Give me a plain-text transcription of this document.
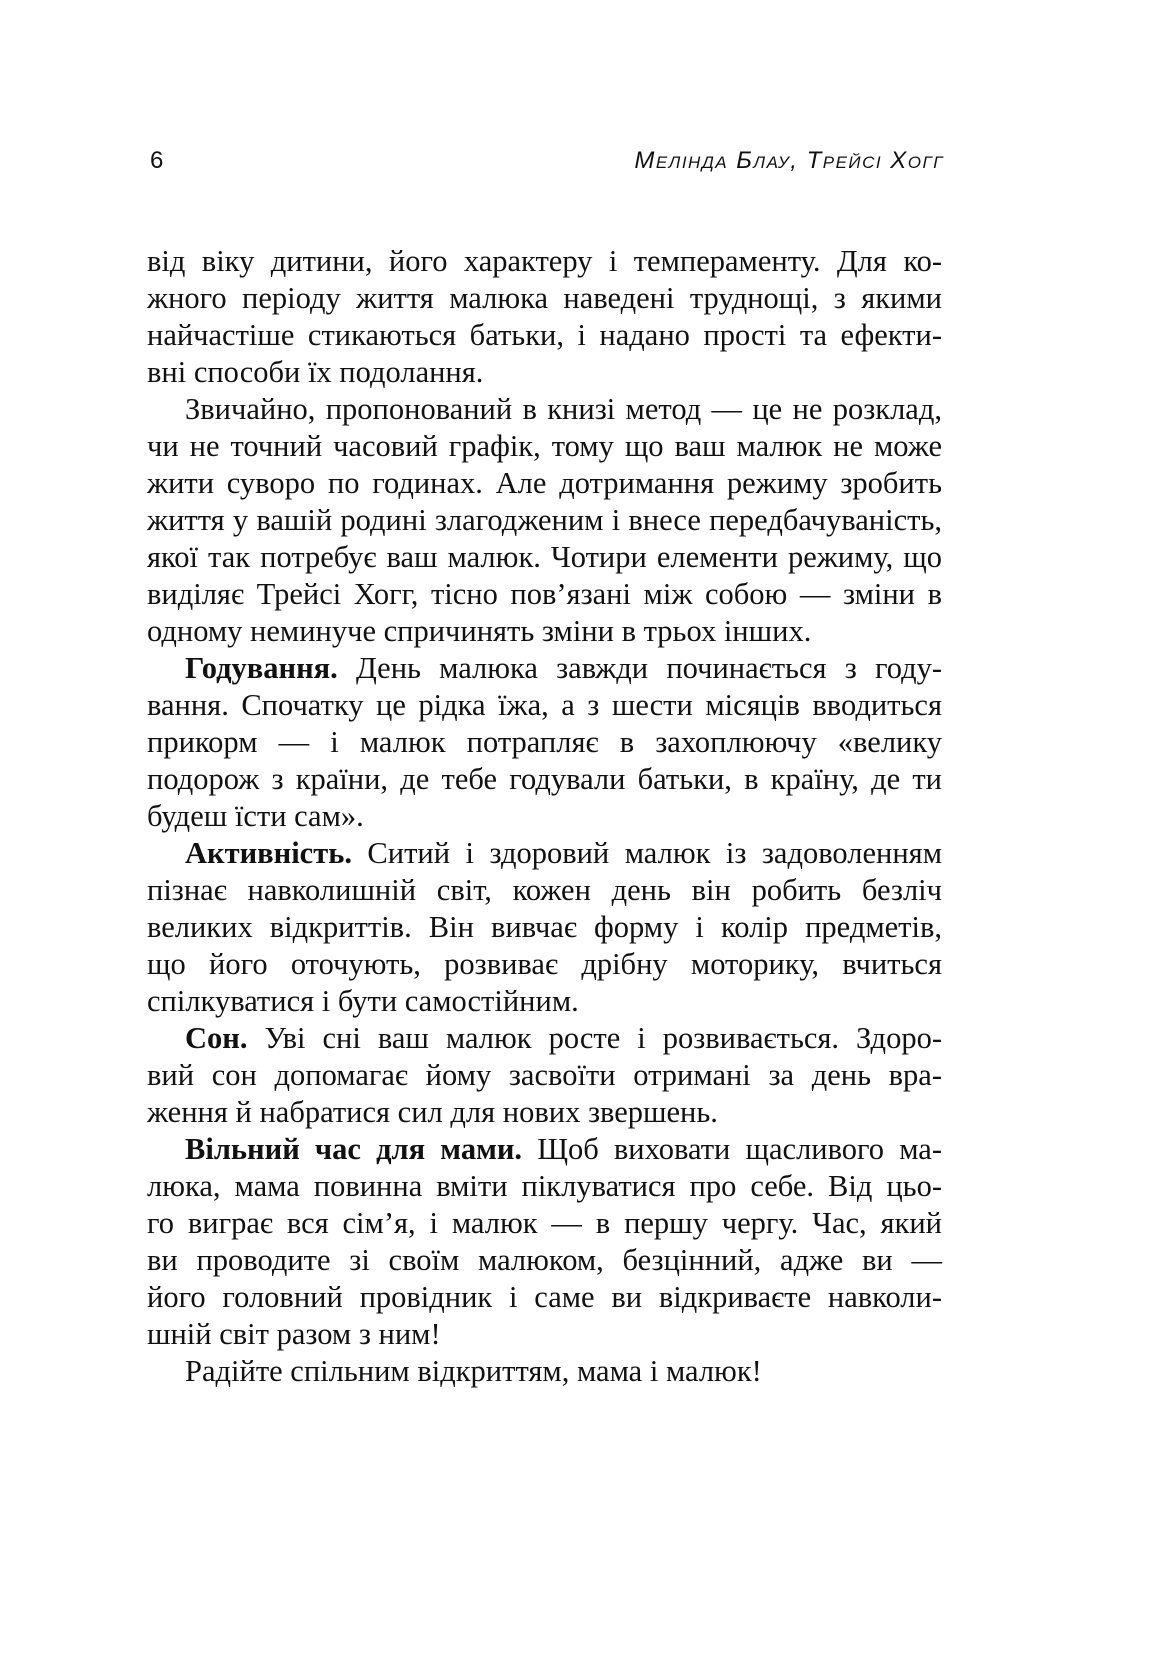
6	Мелінда Блау, Трейсі Хогг
від віку дитини, його характеру і темпераменту. Для ко-
жного періоду життя малюка наведені труднощі, з якими
найчастіше стикаються батьки, і надано прості та ефекти-
вні способи їх подолання.
Звичайно, пропонований в книзі метод — це не розклад,
чи не точний часовий графік, тому що ваш малюк не може
жити суворо по годинах. Але дотримання режиму зробить
життя у вашій родині злагодженим і внесе передбачуваність,
якої так потребує ваш малюк. Чотири елементи режиму, що
виділяє Трейсі Хогг, тісно пов’язані між собою — зміни в
одному неминуче спричинять зміни в трьох інших.
Годування. День малюка завжди починається з году-
вання. Спочатку це рідка їжа, а з шести місяців вводиться
прикорм — і малюк потрапляє в захоплюючу «велику
подорож з країни, де тебе годували батьки, в країну, де ти
будеш їсти сам».
Активність. Ситий і здоровий малюк із задоволенням
пізнає навколишній світ, кожен день він робить безліч
великих відкриттів. Він вивчає форму і колір предметів,
що його оточують, розвиває дрібну моторику, вчиться
спілкуватися і бути самостійним.
Сон. Уві сні ваш малюк росте і розвивається. Здоро-
вий сон допомагає йому засвоїти отримані за день вра-
ження й набратися сил для нових звершень.
Вільний час для мами. Щоб виховати щасливого ма-
люка, мама повинна вміти піклуватися про себе. Від цьо-
го виграє вся сім’я, і малюк — в першу чергу. Час, який
ви проводите зі своїм малюком, безцінний, адже ви —
його головний провідник і саме ви відкриваєте навколи-
шній світ разом з ним!
Радійте спільним відкриттям, мама і малюк!
